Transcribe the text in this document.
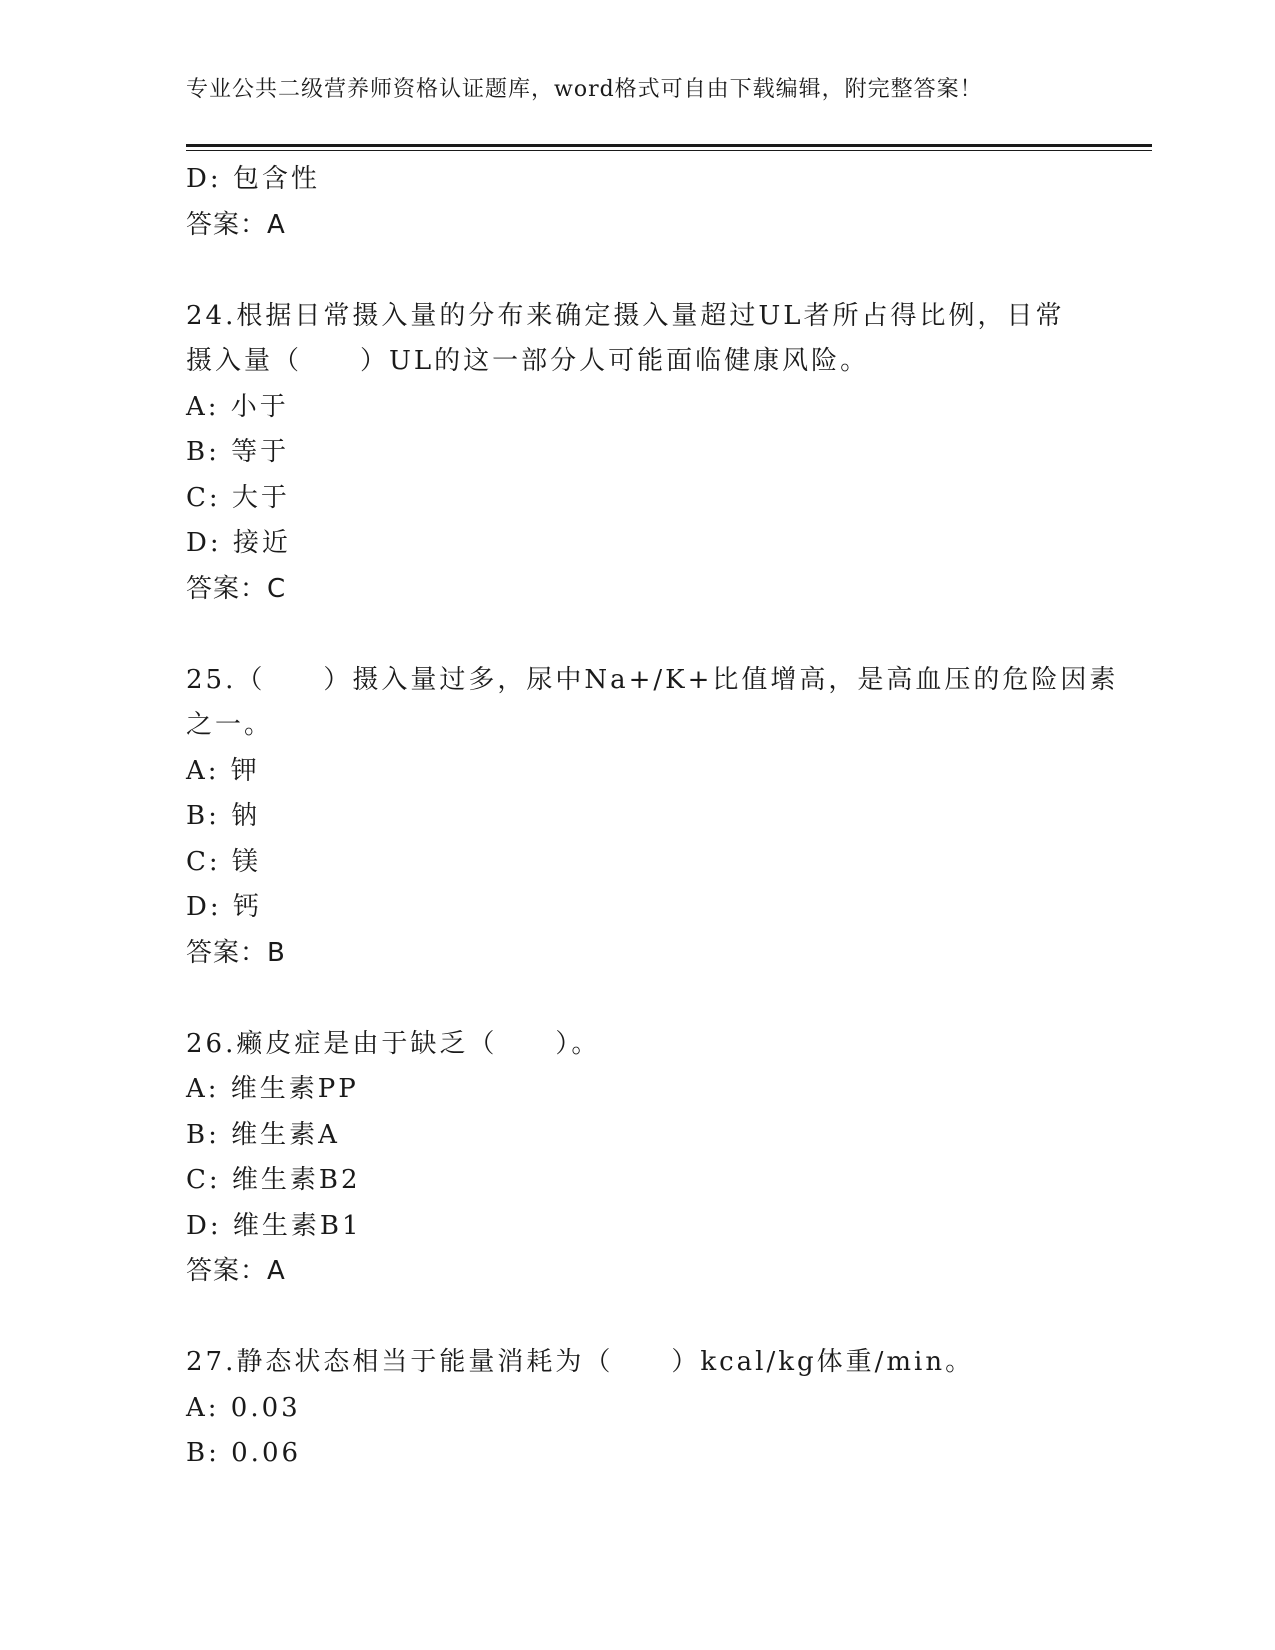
专业公共二级营养师资格认证题库，word格式可自由下载编辑，附完整答案！
D: 包含性
答案：A
24.根据日常摄入量的分布来确定摄入量超过UL者所占得比例，日常
摄入量（　　）UL的这一部分人可能面临健康风险。
A: 小于
B: 等于
C: 大于
D: 接近
答案：C
25.（　　）摄入量过多，尿中Na+/K+比值增高，是高血压的危险因素
之一。
A: 钾
B: 钠
C: 镁
D: 钙
答案：B
26.癞皮症是由于缺乏（　　）。
A: 维生素PP
B: 维生素A
C: 维生素B2
D: 维生素B1
答案：A
27.静态状态相当于能量消耗为（　　）kcal/kg体重/min。
A: 0.03
B: 0.06
